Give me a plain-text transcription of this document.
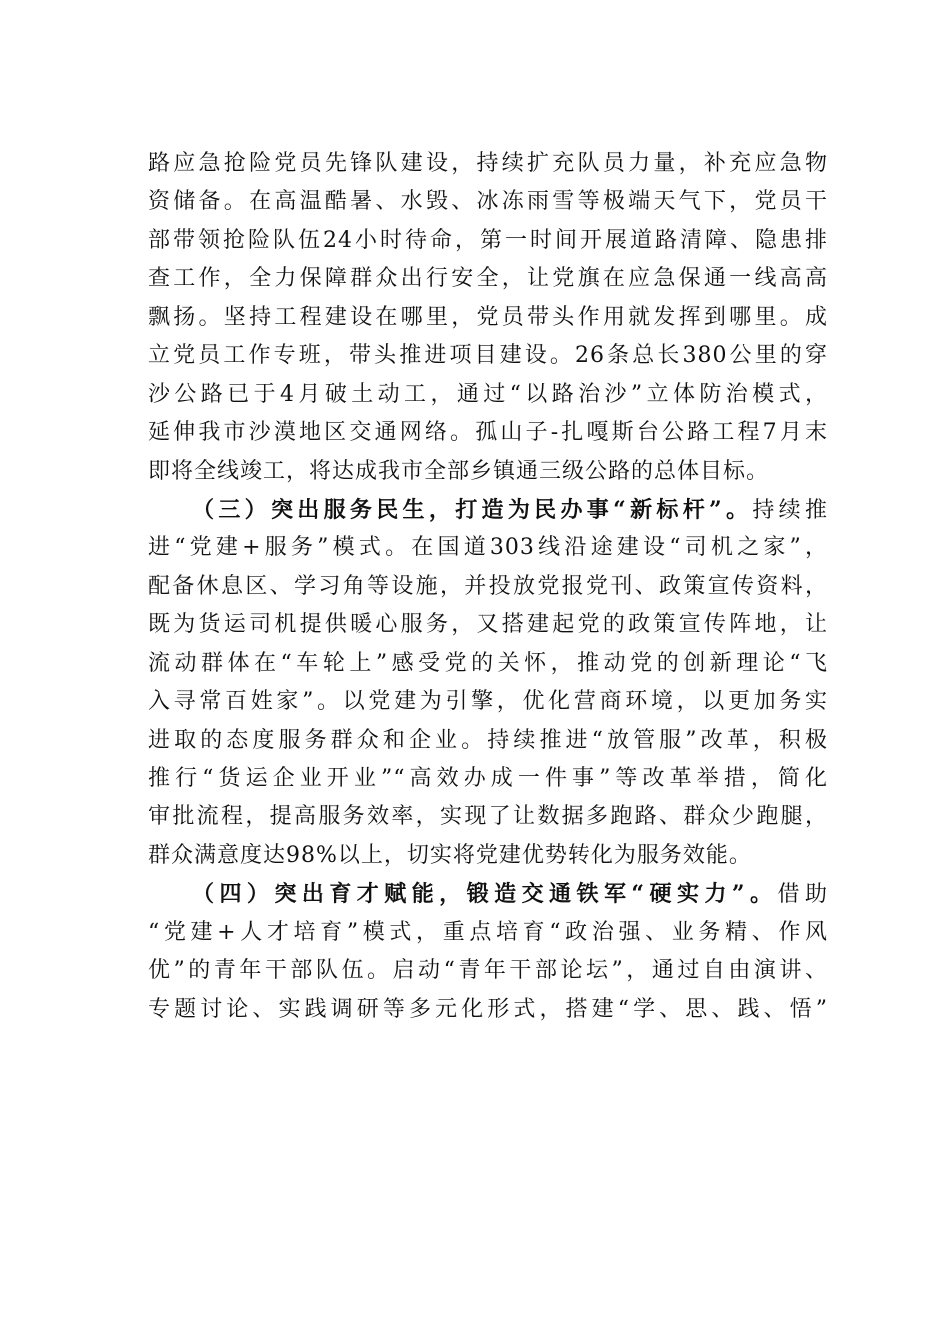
路应急抢险党员先锋队建设，持续扩充队员力量，补充应急物
资储备。在高温酷暑、水毁、冰冻雨雪等极端天气下，党员干
部带领抢险队伍24小时待命，第一时间开展道路清障、隐患排
查工作，全力保障群众出行安全，让党旗在应急保通一线高高
飘扬。坚持工程建设在哪里，党员带头作用就发挥到哪里。成
立党员工作专班，带头推进项目建设。26条总长380公里的穿
沙公路已于4月破土动工，通过“以路治沙”立体防治模式，
延伸我市沙漠地区交通网络。孤山子-扎嘎斯台公路工程7月末
即将全线竣工，将达成我市全部乡镇通三级公路的总体目标。
（三）突出服务民生，打造为民办事“新标杆”。持续推
进“党建+服务”模式。在国道303线沿途建设“司机之家”，
配备休息区、学习角等设施，并投放党报党刊、政策宣传资料，
既为货运司机提供暖心服务，又搭建起党的政策宣传阵地，让
流动群体在“车轮上”感受党的关怀，推动党的创新理论“飞
入寻常百姓家”。以党建为引擎，优化营商环境，以更加务实
进取的态度服务群众和企业。持续推进“放管服”改革，积极
推行“货运企业开业”“高效办成一件事”等改革举措，简化
审批流程，提高服务效率，实现了让数据多跑路、群众少跑腿，
群众满意度达98%以上，切实将党建优势转化为服务效能。
（四）突出育才赋能，锻造交通铁军“硬实力”。借助
“党建+人才培育”模式，重点培育“政治强、业务精、作风
优”的青年干部队伍。启动“青年干部论坛”，通过自由演讲、
专题讨论、实践调研等多元化形式，搭建“学、思、践、悟”
